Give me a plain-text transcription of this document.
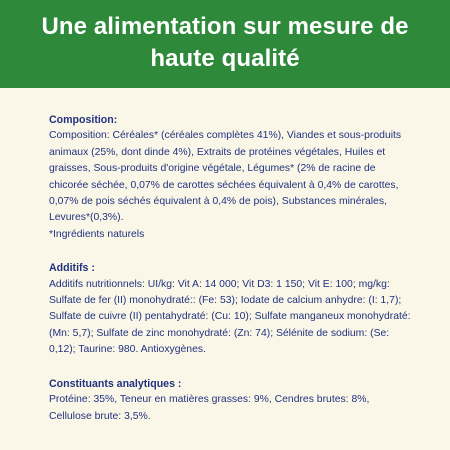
Une alimentation sur mesure de haute qualité
Composition:

Composition: Céréales* (céréales complètes 41%), Viandes et sous-produits animaux (25%, dont dinde 4%), Extraits de protéines végétales, Huiles et graisses, Sous-produits d'origine végétale, Légumes* (2% de racine de chicorée séchée, 0,07% de carottes séchées équivalent à 0,4% de carottes, 0,07% de pois séchés équivalent à 0,4% de pois), Substances minérales, Levures*(0,3%).

*Ingrédients naturels

Additifs :

Additifs nutritionnels: UI/kg: Vit A: 14 000; Vit D3: 1 150; Vit E: 100; mg/kg: Sulfate de fer (II) monohydraté:: (Fe: 53); Iodate de calcium anhydre: (I: 1,7); Sulfate de cuivre (II) pentahydraté: (Cu: 10); Sulfate manganeux monohydraté: (Mn: 5,7); Sulfate de zinc monohydraté: (Zn: 74); Sélénite de sodium: (Se: 0,12); Taurine: 980. Antioxygènes.

Constituants analytiques :

Protéine: 35%, Teneur en matières grasses: 9%, Cendres brutes: 8%, Cellulose brute: 3,5%.
